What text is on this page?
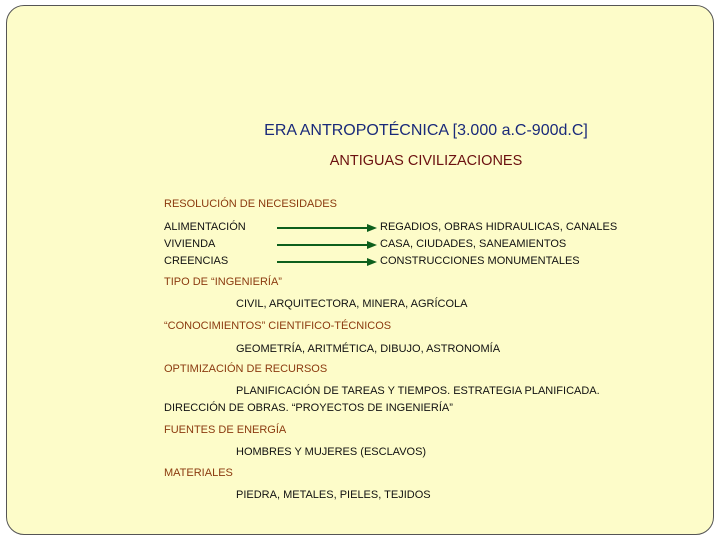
ERA ANTROPOTÉCNICA [3.000 a.C-900d.C]
ANTIGUAS CIVILIZACIONES
RESOLUCIÓN DE NECESIDADES
ALIMENTACIÓN
VIVIENDA
CREENCIAS
REGADIOS, OBRAS HIDRAULICAS, CANALES
CASA, CIUDADES, SANEAMIENTOS
CONSTRUCCIONES MONUMENTALES
TIPO DE “INGENIERÍA”
CIVIL, ARQUITECTORA, MINERA, AGRÍCOLA
“CONOCIMIENTOS” CIENTIFICO-TÉCNICOS
GEOMETRÍA, ARITMÉTICA, DIBUJO, ASTRONOMÍA
OPTIMIZACIÓN DE RECURSOS
PLANIFICACIÓN DE TAREAS Y TIEMPOS. ESTRATEGIA PLANIFICADA.
DIRECCIÓN DE OBRAS. “PROYECTOS DE INGENIERÍA”
FUENTES DE ENERGÍA
HOMBRES Y MUJERES (ESCLAVOS)
MATERIALES
PIEDRA, METALES, PIELES, TEJIDOS
